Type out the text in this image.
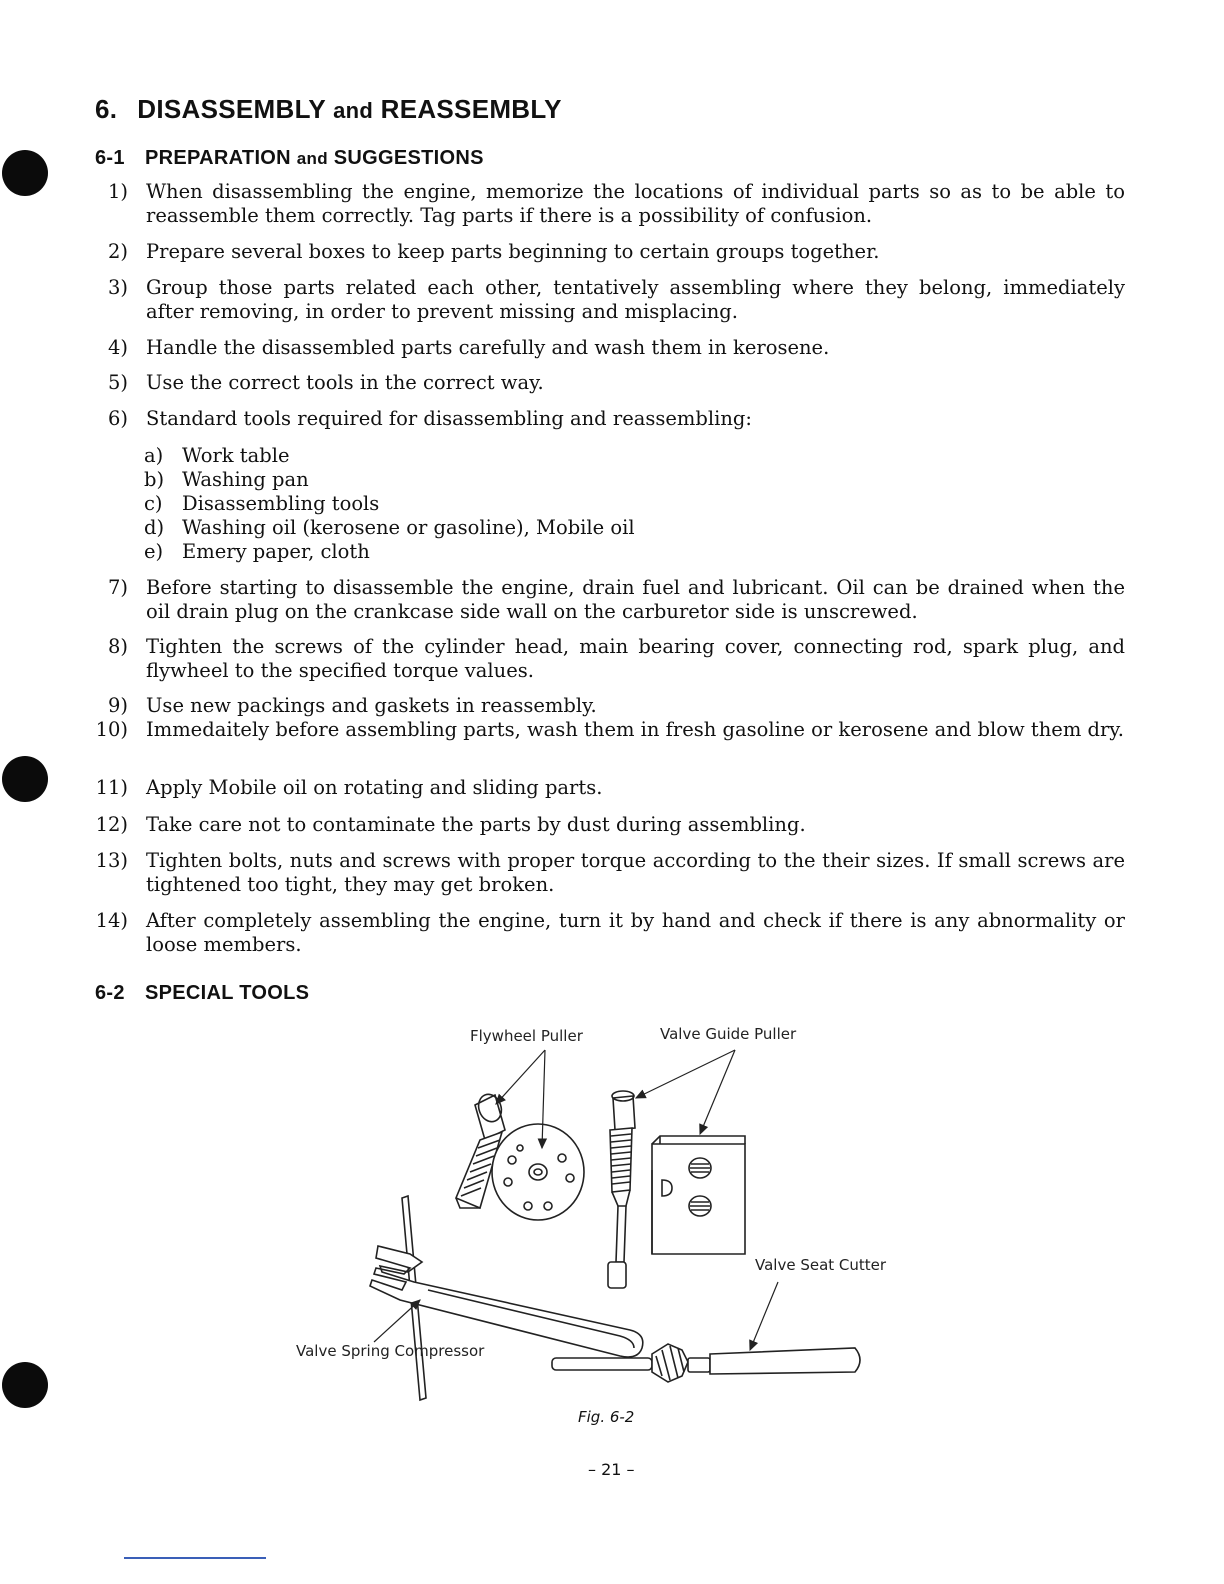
6. DISASSEMBLY and REASSEMBLY
6-1 PREPARATION and SUGGESTIONS
1) When disassembling the engine, memorize the locations of individual parts so as to be able to reassemble them correctly. Tag parts if there is a possibility of confusion.
2) Prepare several boxes to keep parts beginning to certain groups together.
3) Group those parts related each other, tentatively assembling where they belong, immediately after removing, in order to prevent missing and misplacing.
4) Handle the disassembled parts carefully and wash them in kerosene.
5) Use the correct tools in the correct way.
6) Standard tools required for disassembling and reassembling:
a) Work table
b) Washing pan
c) Disassembling tools
d) Washing oil (kerosene or gasoline), Mobile oil
e) Emery paper, cloth
7) Before starting to disassemble the engine, drain fuel and lubricant. Oil can be drained when the oil drain plug on the crankcase side wall on the carburetor side is unscrewed.
8) Tighten the screws of the cylinder head, main bearing cover, connecting rod, spark plug, and flywheel to the specified torque values.
9) Use new packings and gaskets in reassembly.
10) Immedaitely before assembling parts, wash them in fresh gasoline or kerosene and blow them dry.
11) Apply Mobile oil on rotating and sliding parts.
12) Take care not to contaminate the parts by dust during assembling.
13) Tighten bolts, nuts and screws with proper torque according to the their sizes. If small screws are tightened too tight, they may get broken.
14) After completely assembling the engine, turn it by hand and check if there is any abnormality or loose members.
6-2 SPECIAL TOOLS
Flywheel Puller	Valve Guide Puller
Valve Seat Cutter
Valve Spring Compressor
Fig. 6-2
– 21 –
